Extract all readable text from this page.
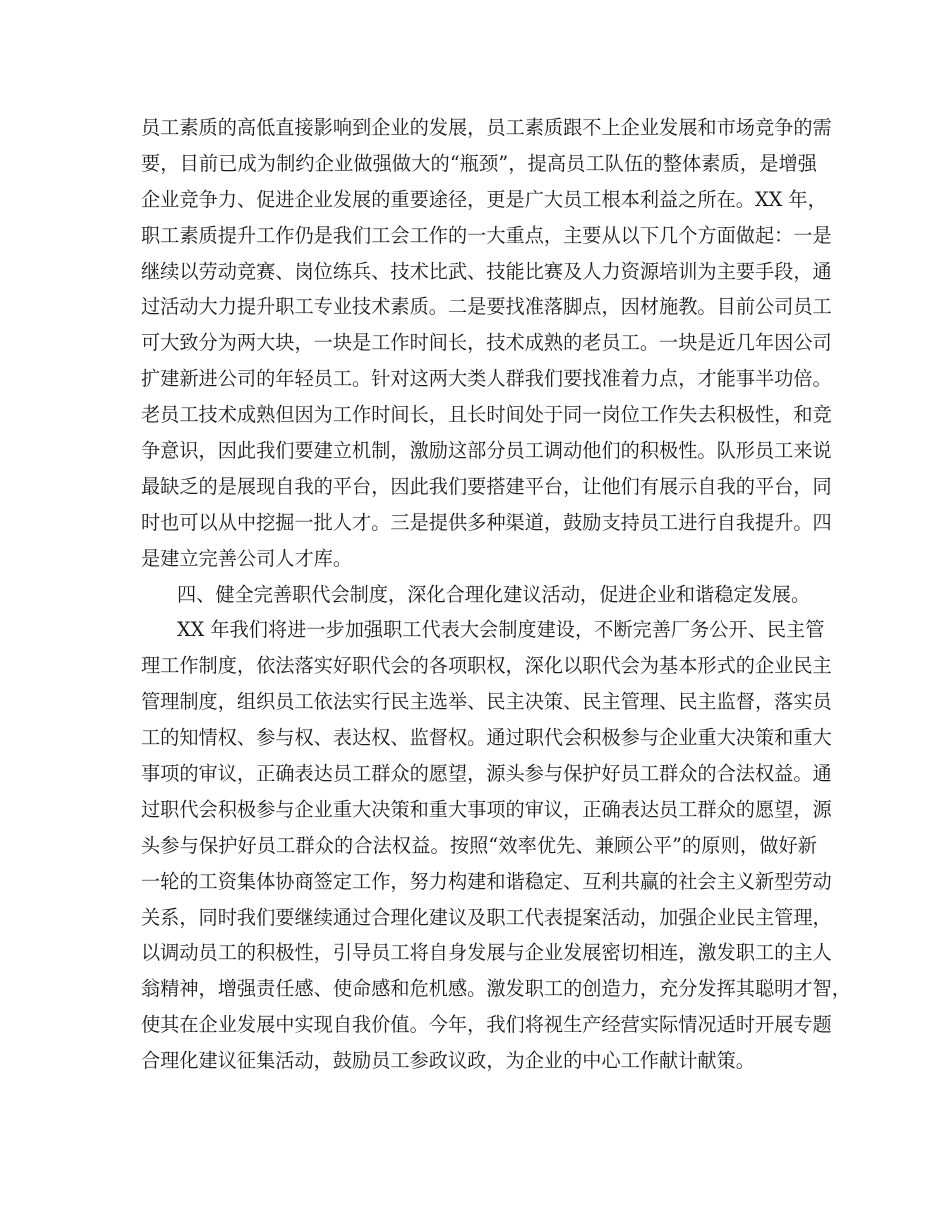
员工素质的高低直接影响到企业的发展，员工素质跟不上企业发展和市场竞争的需
要，目前已成为制约企业做强做大的“瓶颈”，提高员工队伍的整体素质，是增强
企业竞争力、促进企业发展的重要途径，更是广大员工根本利益之所在。XX 年，
职工素质提升工作仍是我们工会工作的一大重点，主要从以下几个方面做起：一是
继续以劳动竞赛、岗位练兵、技术比武、技能比赛及人力资源培训为主要手段，通
过活动大力提升职工专业技术素质。二是要找准落脚点，因材施教。目前公司员工
可大致分为两大块，一块是工作时间长，技术成熟的老员工。一块是近几年因公司
扩建新进公司的年轻员工。针对这两大类人群我们要找准着力点，才能事半功倍。
老员工技术成熟但因为工作时间长，且长时间处于同一岗位工作失去积极性，和竞
争意识，因此我们要建立机制，激励这部分员工调动他们的积极性。队形员工来说
最缺乏的是展现自我的平台，因此我们要搭建平台，让他们有展示自我的平台，同
时也可以从中挖掘一批人才。三是提供多种渠道，鼓励支持员工进行自我提升。四
是建立完善公司人才库。
四、健全完善职代会制度，深化合理化建议活动，促进企业和谐稳定发展。
XX 年我们将进一步加强职工代表大会制度建设，不断完善厂务公开、民主管
理工作制度，依法落实好职代会的各项职权，深化以职代会为基本形式的企业民主
管理制度，组织员工依法实行民主选举、民主决策、民主管理、民主监督，落实员
工的知情权、参与权、表达权、监督权。通过职代会积极参与企业重大决策和重大
事项的审议，正确表达员工群众的愿望，源头参与保护好员工群众的合法权益。通
过职代会积极参与企业重大决策和重大事项的审议，正确表达员工群众的愿望，源
头参与保护好员工群众的合法权益。按照“效率优先、兼顾公平”的原则，做好新
一轮的工资集体协商签定工作，努力构建和谐稳定、互利共赢的社会主义新型劳动
关系，同时我们要继续通过合理化建议及职工代表提案活动，加强企业民主管理，
以调动员工的积极性，引导员工将自身发展与企业发展密切相连，激发职工的主人
翁精神，增强责任感、使命感和危机感。激发职工的创造力，充分发挥其聪明才智，
使其在企业发展中实现自我价值。今年，我们将视生产经营实际情况适时开展专题
合理化建议征集活动，鼓励员工参政议政，为企业的中心工作献计献策。
